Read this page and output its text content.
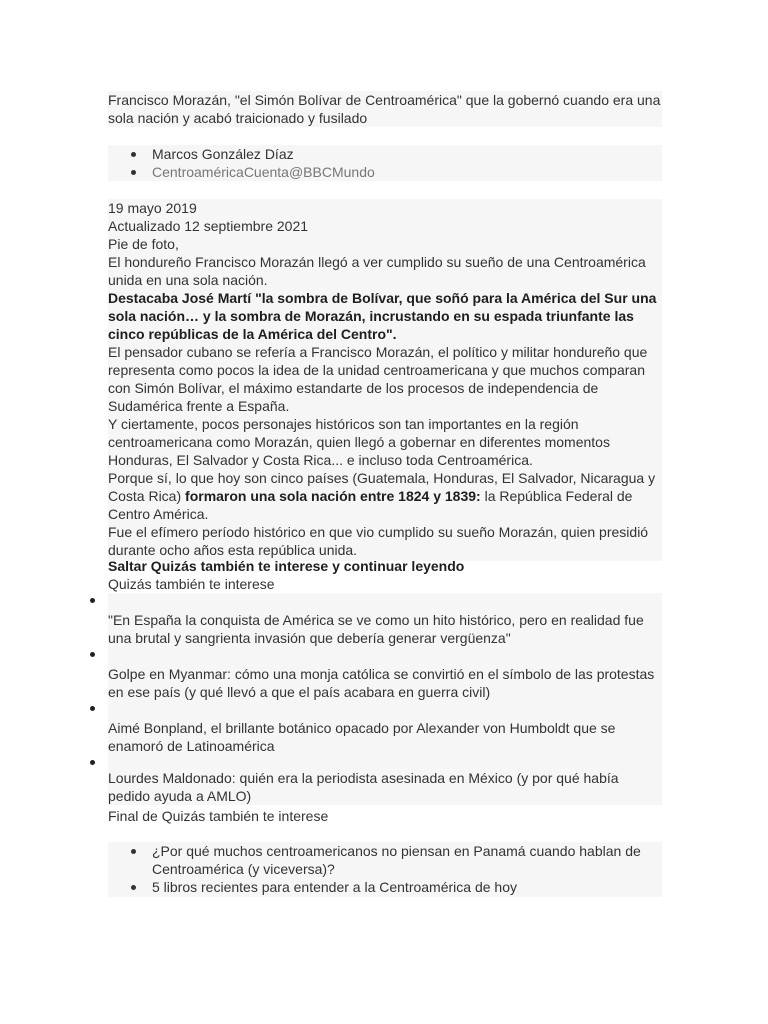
Francisco Morazán, "el Simón Bolívar de Centroamérica" que la gobernó cuando era una sola nación y acabó traicionado y fusilado

Marcos González Díaz
CentroaméricaCuenta@BBCMundo

19 mayo 2019

Actualizado 12 septiembre 2021

Pie de foto,

El hondureño Francisco Morazán llegó a ver cumplido su sueño de una Centroamérica unida en una sola nación.

Destacaba José Martí "la sombra de Bolívar, que soñó para la América del Sur una sola nación… y la sombra de Morazán, incrustando en su espada triunfante las cinco repúblicas de la América del Centro".

El pensador cubano se refería a Francisco Morazán, el político y militar hondureño que representa como pocos la idea de la unidad centroamericana y que muchos comparan con Simón Bolívar, el máximo estandarte de los procesos de independencia de Sudamérica frente a España.

Y ciertamente, pocos personajes históricos son tan importantes en la región centroamericana como Morazán, quien llegó a gobernar en diferentes momentos Honduras, El Salvador y Costa Rica... e incluso toda Centroamérica.

Porque sí, lo que hoy son cinco países (Guatemala, Honduras, El Salvador, Nicaragua y Costa Rica) formaron una sola nación entre 1824 y 1839: la República Federal de Centro América.

Fue el efímero período histórico en que vio cumplido su sueño Morazán, quien presidió durante ocho años esta república unida.

Saltar Quizás también te interese y continuar leyendo
Quizás también te interese

"En España la conquista de América se ve como un hito histórico, pero en realidad fue una brutal y sangrienta invasión que debería generar vergüenza"

Golpe en Myanmar: cómo una monja católica se convirtió en el símbolo de las protestas en ese país (y qué llevó a que el país acabara en guerra civil)

Aimé Bonpland, el brillante botánico opacado por Alexander von Humboldt que se enamoró de Latinoamérica

Lourdes Maldonado: quién era la periodista asesinada en México (y por qué había pedido ayuda a AMLO)

Final de Quizás también te interese
¿Por qué muchos centroamericanos no piensan en Panamá cuando hablan de Centroamérica (y viceversa)?
5 libros recientes para entender a la Centroamérica de hoy
